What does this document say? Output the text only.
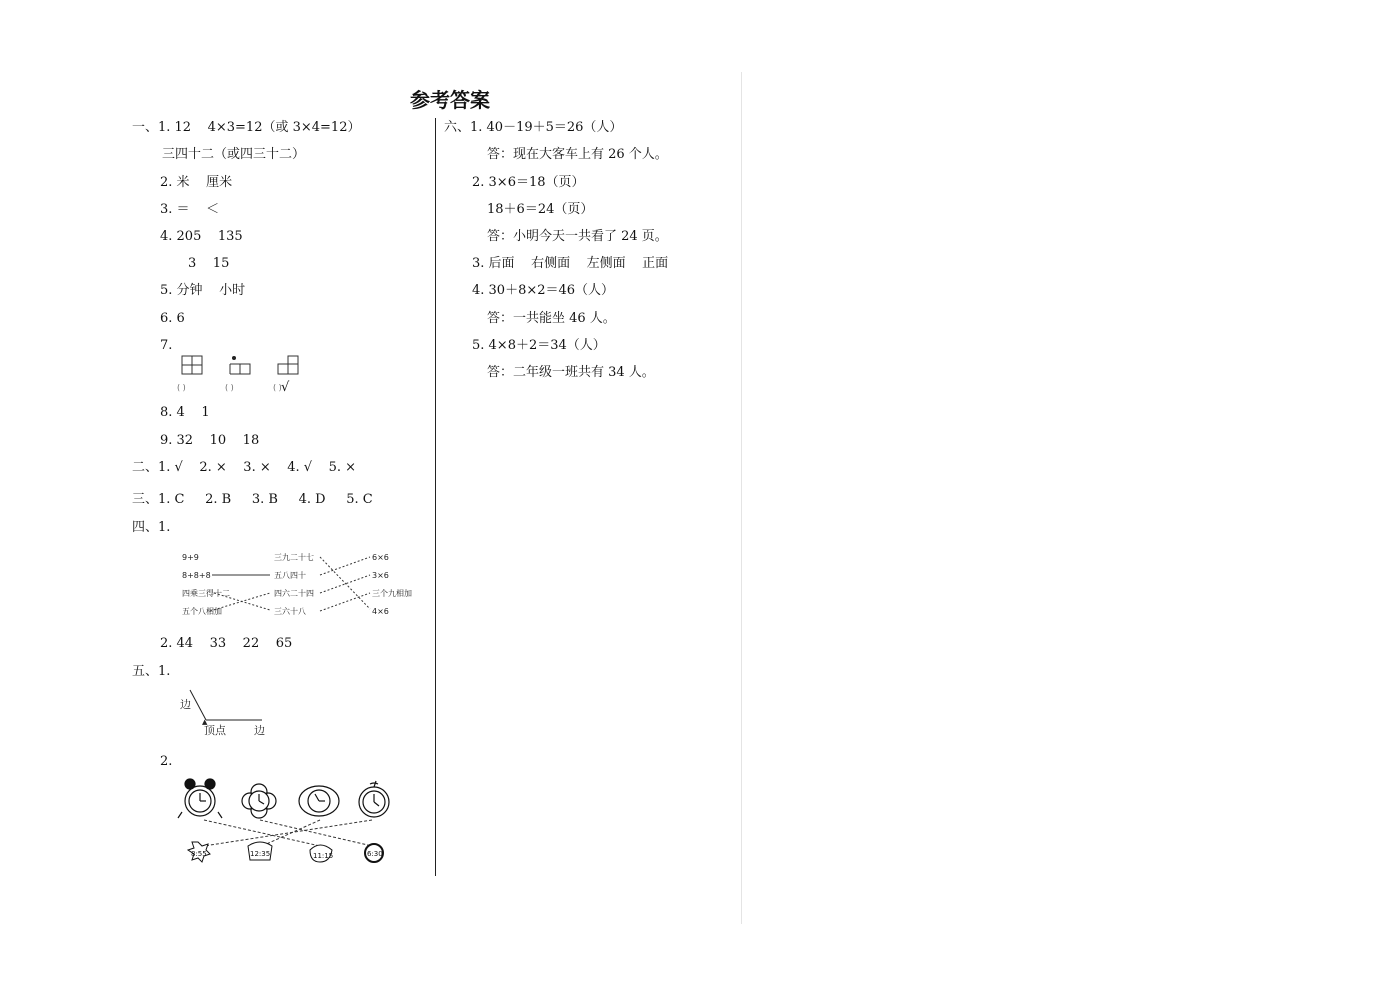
参考答案
一、1. 12    4×3=12（或 3×4=12）
三四十二（或四三十二）
2. 米    厘米
3. ＝    ＜
4. 205    135
3    15
5. 分钟    小时
6. 6
7.
( )	( )	( ) √
8. 4    1
9. 32    10    18
二、1. √    2. ×    3. ×    4. √    5. ×
三、1. C     2. B     3. B     4. D     5. C
四、1.
9+9
8+8+8
四乘三得十二
五个八相加
三九二十七
五八四十
四六二十四
三六十八
6×6
3×6
三个九相加
4×6
2. 44    33    22    65
五、1.
▲
边
顶点	边
2.
8:55	12:35	11:15	6:30
六、1. 40－19＋5＝26（人）
答：现在大客车上有 26 个人。
2. 3×6＝18（页）
18＋6＝24（页）
答：小明今天一共看了 24 页。
3. 后面    右侧面    左侧面    正面
4. 30＋8×2＝46（人）
答：一共能坐 46 人。
5. 4×8＋2＝34（人）
答：二年级一班共有 34 人。
